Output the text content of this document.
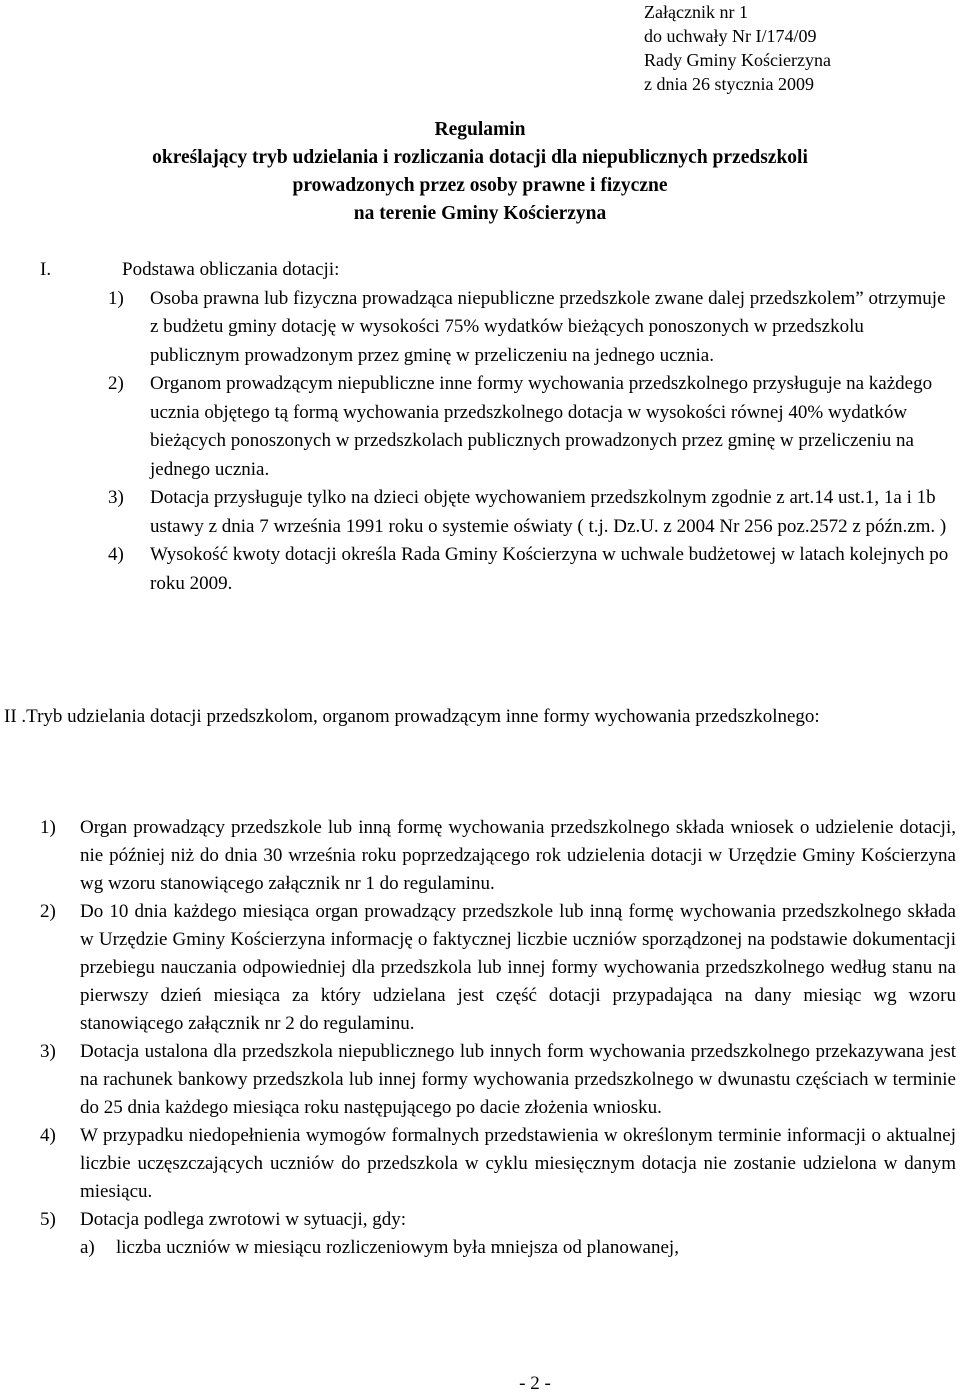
Załącznik nr 1
do uchwały Nr I/174/09
Rady Gminy Kościerzyna
z dnia 26 stycznia 2009
Regulamin
określający tryb udzielania i rozliczania dotacji dla niepublicznych przedszkoli
prowadzonych przez osoby prawne i fizyczne
na terenie Gminy Kościerzyna
I.	Podstawa obliczania dotacji:
1)	Osoba prawna lub fizyczna prowadząca niepubliczne przedszkole zwane dalej przedszkolem” otrzymuje z budżetu gminy dotację w wysokości 75% wydatków bieżących ponoszonych w przedszkolu publicznym prowadzonym przez gminę w przeliczeniu na jednego ucznia.
2)	Organom prowadzącym niepubliczne inne formy wychowania przedszkolnego przysługuje na każdego ucznia objętego tą formą wychowania przedszkolnego dotacja w wysokości równej 40% wydatków bieżących ponoszonych w przedszkolach publicznych prowadzonych przez gminę w przeliczeniu na jednego ucznia.
3)	Dotacja przysługuje tylko na dzieci objęte wychowaniem przedszkolnym zgodnie z art.14 ust.1, 1a i 1b ustawy z dnia 7 września 1991 roku o systemie oświaty ( t.j. Dz.U. z 2004 Nr 256 poz.2572 z późn.zm. )
4)	Wysokość kwoty dotacji określa Rada Gminy Kościerzyna w uchwale budżetowej w latach kolejnych po roku 2009.
II .Tryb udzielania dotacji przedszkolom, organom prowadzącym inne formy wychowania przedszkolnego:
1)	Organ prowadzący przedszkole lub inną formę wychowania przedszkolnego składa wniosek o udzielenie dotacji, nie później niż do dnia 30 września roku poprzedzającego rok udzielenia dotacji w Urzędzie Gminy Kościerzyna wg wzoru stanowiącego załącznik nr 1 do regulaminu.
2)	Do 10 dnia każdego miesiąca organ prowadzący przedszkole lub inną formę wychowania przedszkolnego składa w Urzędzie Gminy Kościerzyna informację o faktycznej liczbie uczniów sporządzonej na podstawie dokumentacji przebiegu nauczania odpowiedniej dla przedszkola lub innej formy wychowania przedszkolnego według stanu na pierwszy dzień miesiąca za który udzielana jest część dotacji przypadająca na dany miesiąc wg wzoru stanowiącego załącznik nr 2 do regulaminu.
3)	Dotacja ustalona dla przedszkola niepublicznego lub innych form wychowania przedszkolnego przekazywana jest na rachunek bankowy przedszkola lub innej formy wychowania przedszkolnego w dwunastu częściach w terminie do 25 dnia każdego miesiąca roku następującego po dacie złożenia wniosku.
4)	W przypadku niedopełnienia wymogów formalnych przedstawienia w określonym terminie informacji o aktualnej liczbie uczęszczających uczniów do przedszkola w cyklu miesięcznym dotacja nie zostanie udzielona w danym miesiącu.
5)	Dotacja podlega zwrotowi w sytuacji, gdy:
a)	liczba uczniów w miesiącu rozliczeniowym była mniejsza od planowanej,
- 2 -
